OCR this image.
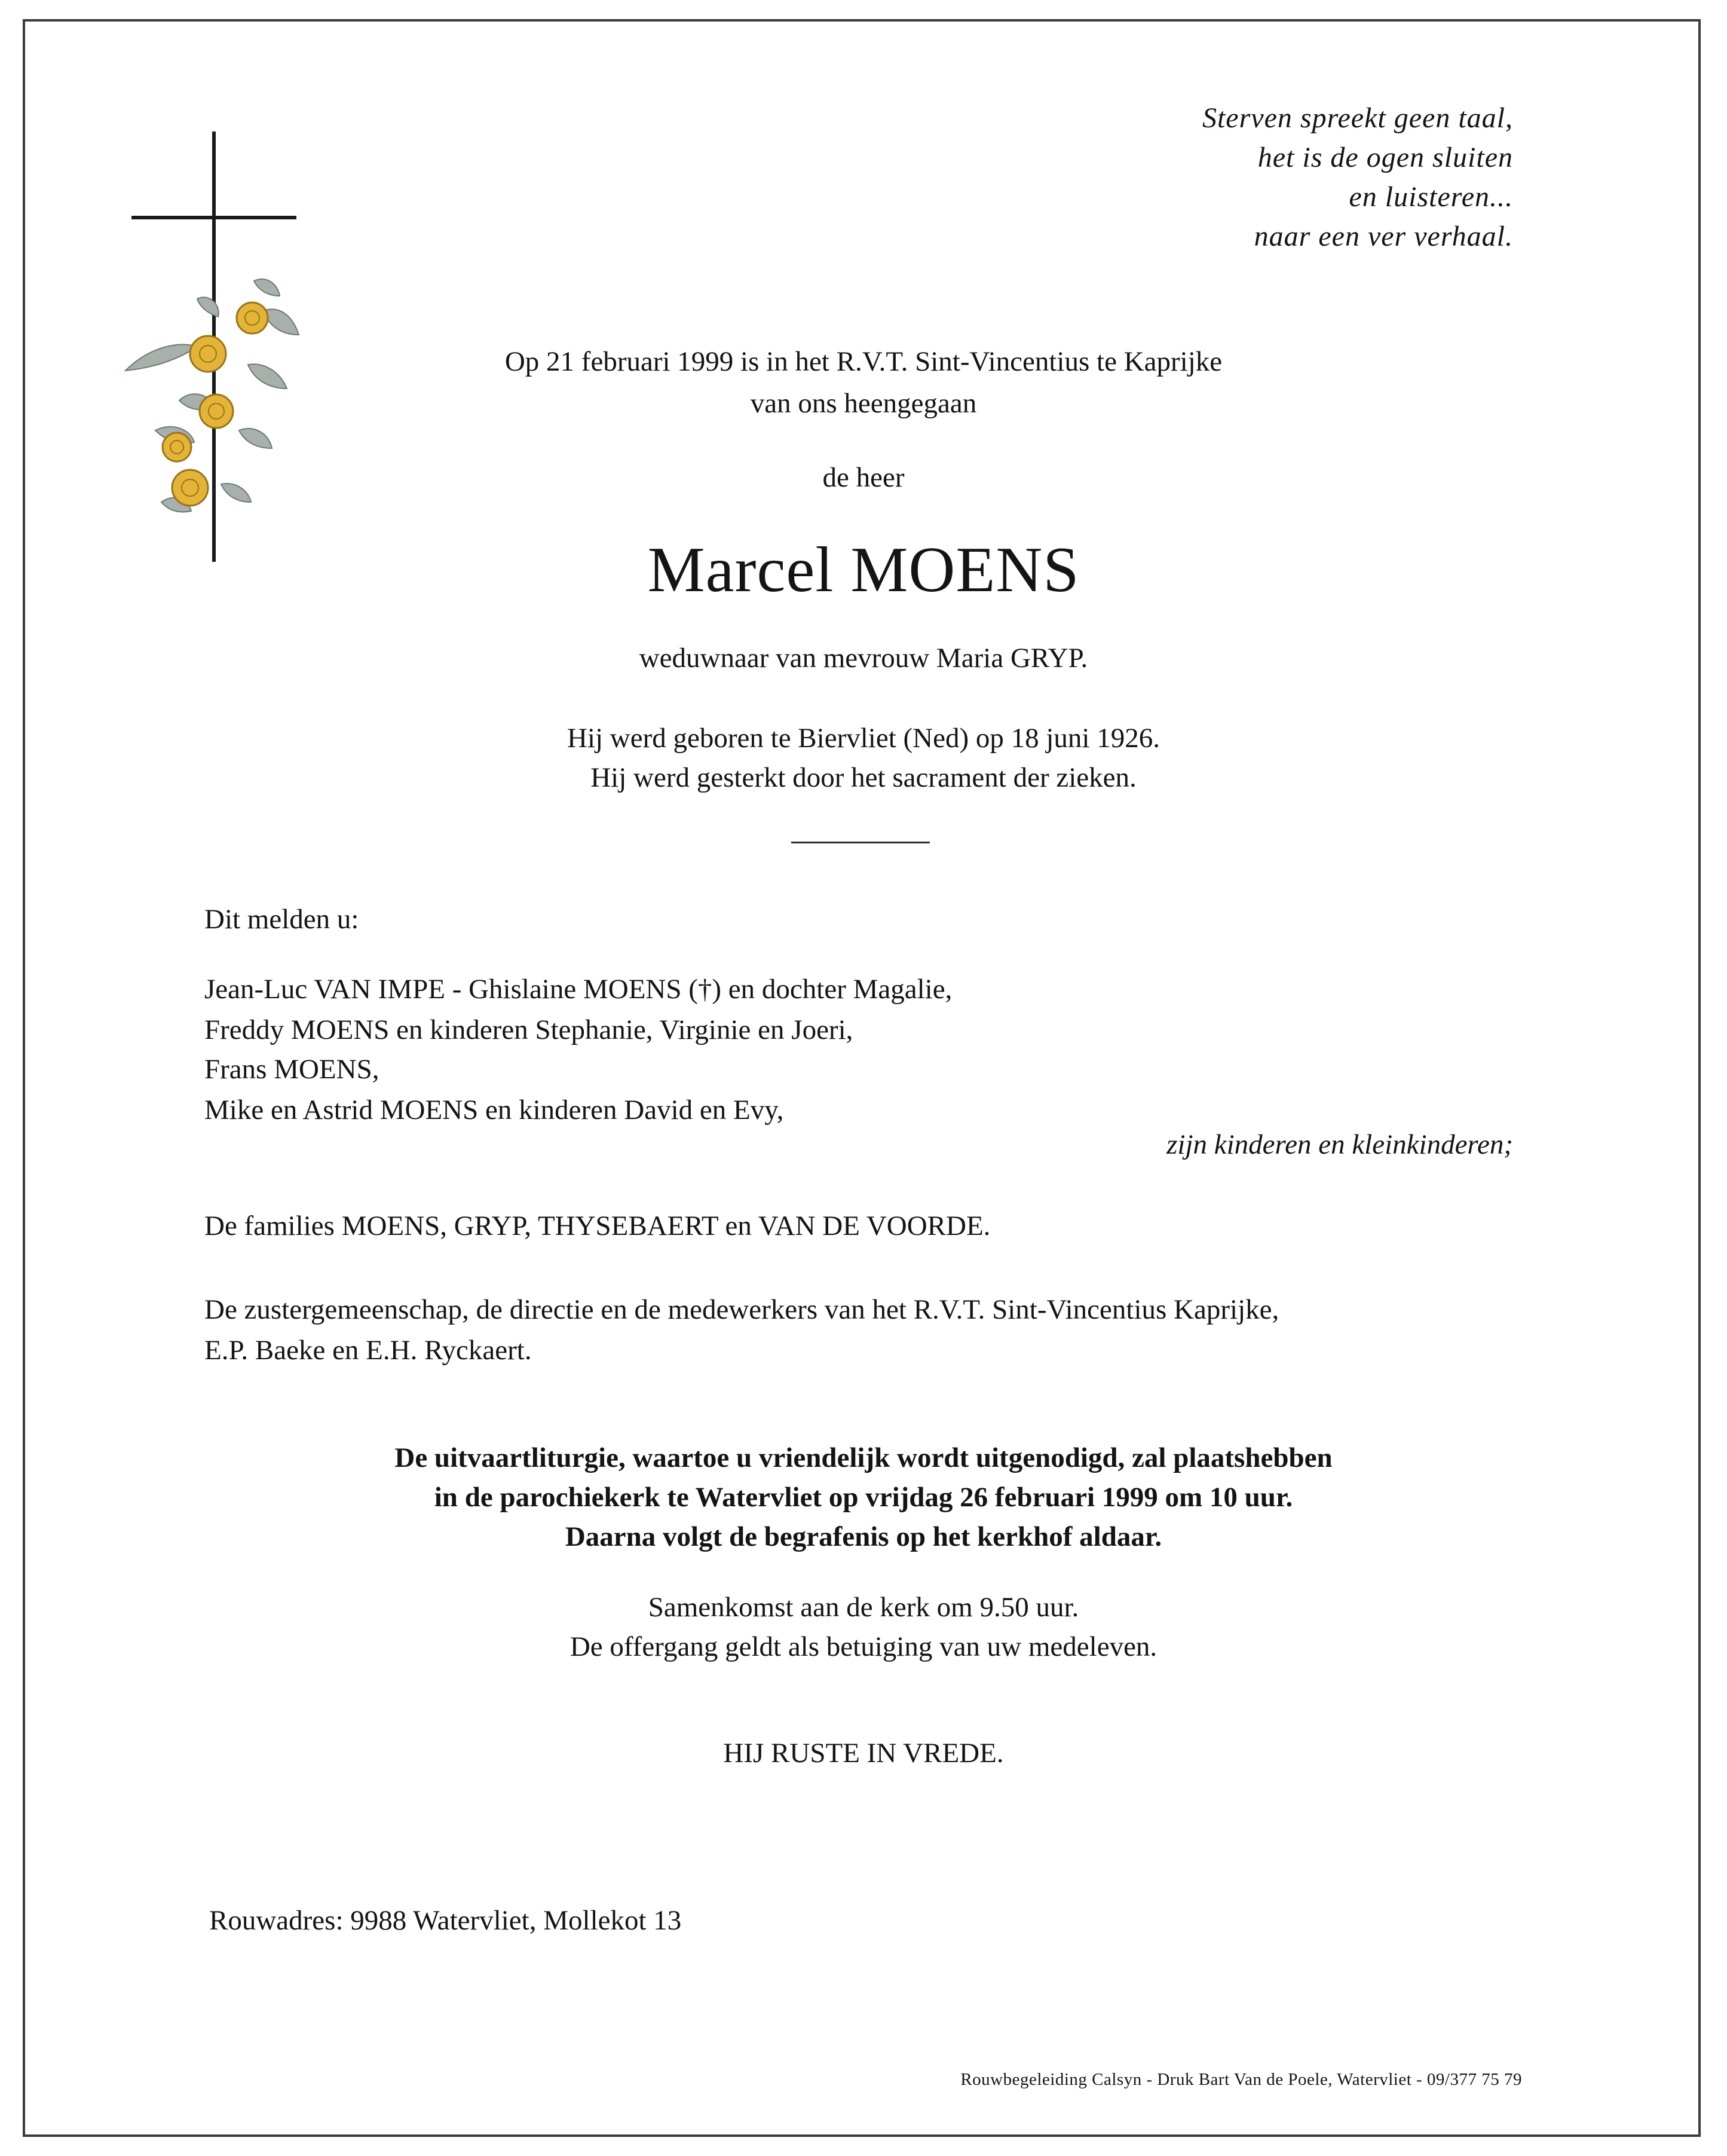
Sterven spreekt geen taal,
het is de ogen sluiten
en luisteren...
naar een ver verhaal.

Op 21 februari 1999 is in het R.V.T. Sint-Vincentius te Kaprijke

van ons heengegaan

de heer

Marcel MOENS

weduwnaar van mevrouw Maria GRYP.

Hij werd geboren te Biervliet (Ned) op 18 juni 1926.

Hij werd gesterkt door het sacrament der zieken.

Dit melden u:

Jean-Luc VAN IMPE - Ghislaine MOENS (†) en dochter Magalie,

Freddy MOENS en kinderen Stephanie, Virginie en Joeri,

Frans MOENS,

Mike en Astrid MOENS en kinderen David en Evy,

zijn kinderen en kleinkinderen;

De families MOENS, GRYP, THYSEBAERT en VAN DE VOORDE.

De zustergemeenschap, de directie en de medewerkers van het R.V.T. Sint-Vincentius Kaprijke,

E.P. Baeke en E.H. Ryckaert.

De uitvaartliturgie, waartoe u vriendelijk wordt uitgenodigd, zal plaatshebben

in de parochiekerk te Watervliet op vrijdag 26 februari 1999 om 10 uur.

Daarna volgt de begrafenis op het kerkhof aldaar.

Samenkomst aan de kerk om 9.50 uur.

De offergang geldt als betuiging van uw medeleven.

HIJ RUSTE IN VREDE.

Rouwadres: 9988 Watervliet, Mollekot 13

Rouwbegeleiding Calsyn - Druk Bart Van de Poele, Watervliet - 09/377 75 79
